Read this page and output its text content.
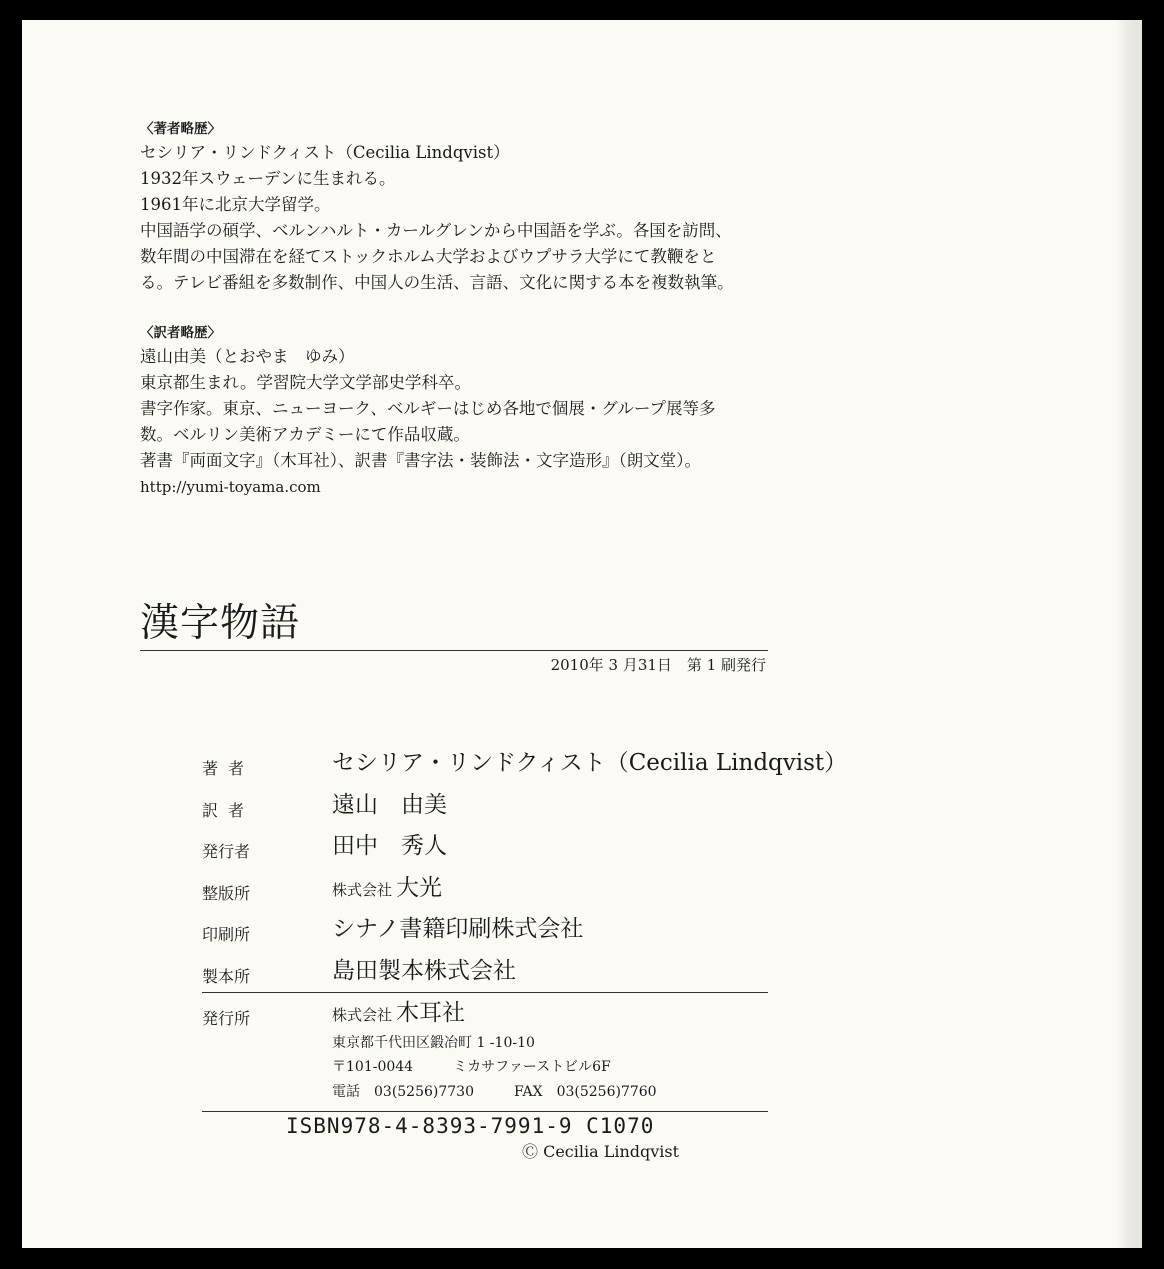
〈著者略歴〉
セシリア・リンドクィスト（Cecilia Lindqvist）
1932年スウェーデンに生まれる。
1961年に北京大学留学。
中国語学の碩学、ベルンハルト・カールグレンから中国語を学ぶ。各国を訪問、
数年間の中国滞在を経てストックホルム大学およびウプサラ大学にて教鞭をと
る。テレビ番組を多数制作、中国人の生活、言語、文化に関する本を複数執筆。
〈訳者略歴〉
遠山由美（とおやま　ゆみ）
東京都生まれ。学習院大学文学部史学科卒。
書字作家。東京、ニューヨーク、ベルギーはじめ各地で個展・グループ展等多
数。ベルリン美術アカデミーにて作品収蔵。
著書『両面文字』（木耳社）、訳書『書字法・装飾法・文字造形』（朗文堂）。
http://yumi-toyama.com
漢字物語
2010年 3 月31日　第 1 刷発行
著者	セシリア・リンドクィスト（Cecilia Lindqvist）
訳者	遠山　由美
発行者	田中　秀人
整版所	株式会社 大光
印刷所	シナノ書籍印刷株式会社
製本所	島田製本株式会社
発行所	株式会社 木耳社
東京都千代田区鍛冶町 1 -10-10
〒101-0044	ミカサファーストビル6F
電話　03(5256)7730	FAX　03(5256)7760
ISBN978-4-8393-7991-9 C1070
Ⓒ Cecilia Lindqvist
